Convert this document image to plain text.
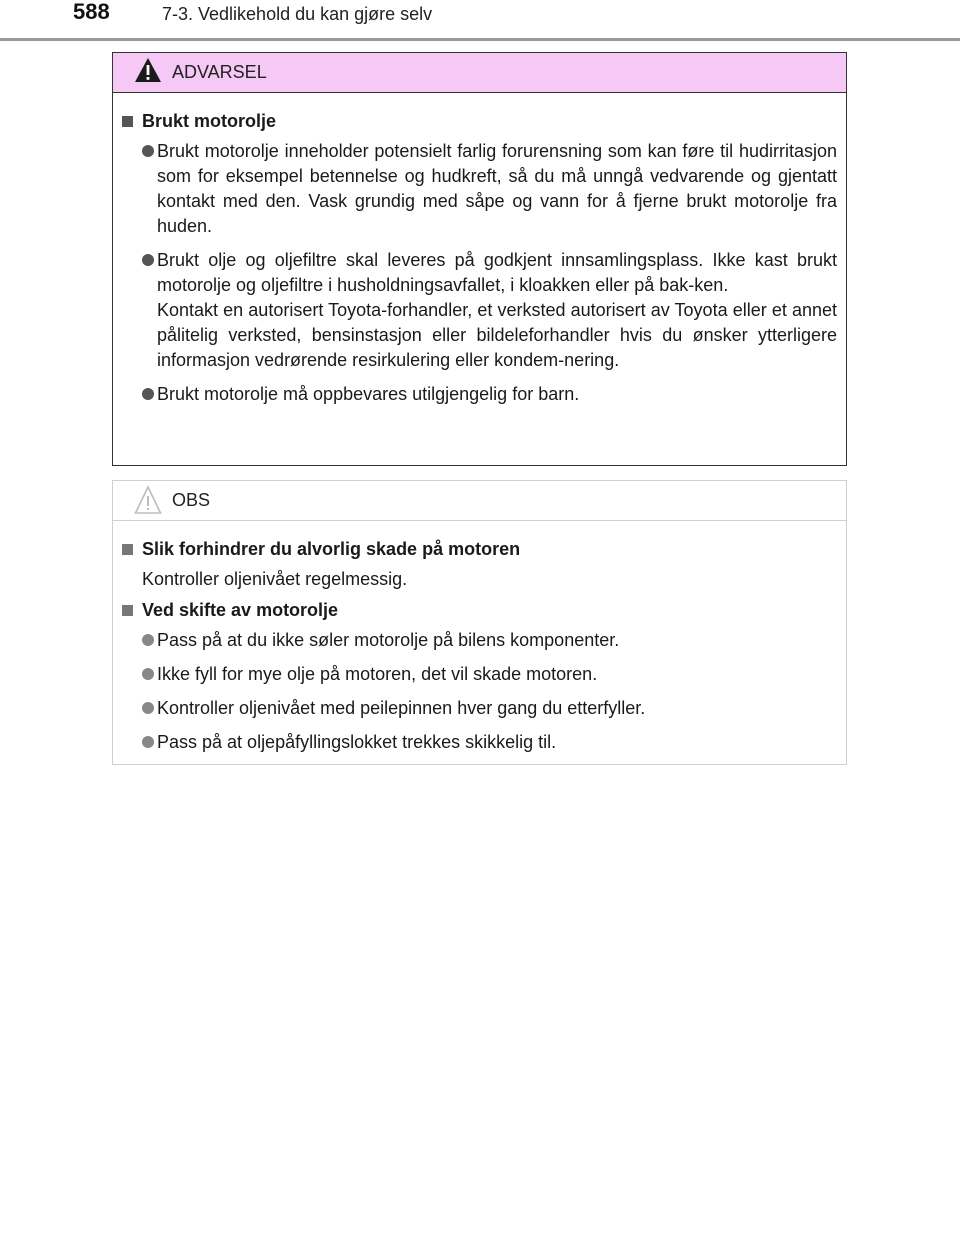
588	7-3. Vedlikehold du kan gjøre selv
ADVARSEL
Brukt motorolje

Brukt motorolje inneholder potensielt farlig forurensning som kan føre til hudirritasjon som for eksempel betennelse og hudkreft, så du må unngå vedvarende og gjentatt kontakt med den. Vask grundig med såpe og vann for å fjerne brukt motorolje fra huden.

Brukt olje og oljefiltre skal leveres på godkjent innsamlingsplass. Ikke kast brukt motorolje og oljefiltre i husholdningsavfallet, i kloakken eller på bak-ken.

Kontakt en autorisert Toyota-forhandler, et verksted autorisert av Toyota eller et annet pålitelig verksted, bensinstasjon eller bildeleforhandler hvis du ønsker ytterligere informasjon vedrørende resirkulering eller kondem-nering.

Brukt motorolje må oppbevares utilgjengelig for barn.

OBS
Slik forhindrer du alvorlig skade på motoren

Kontroller oljenivået regelmessig.

Ved skifte av motorolje

Pass på at du ikke søler motorolje på bilens komponenter.

Ikke fyll for mye olje på motoren, det vil skade motoren.

Kontroller oljenivået med peilepinnen hver gang du etterfyller.

Pass på at oljepåfyllingslokket trekkes skikkelig til.
